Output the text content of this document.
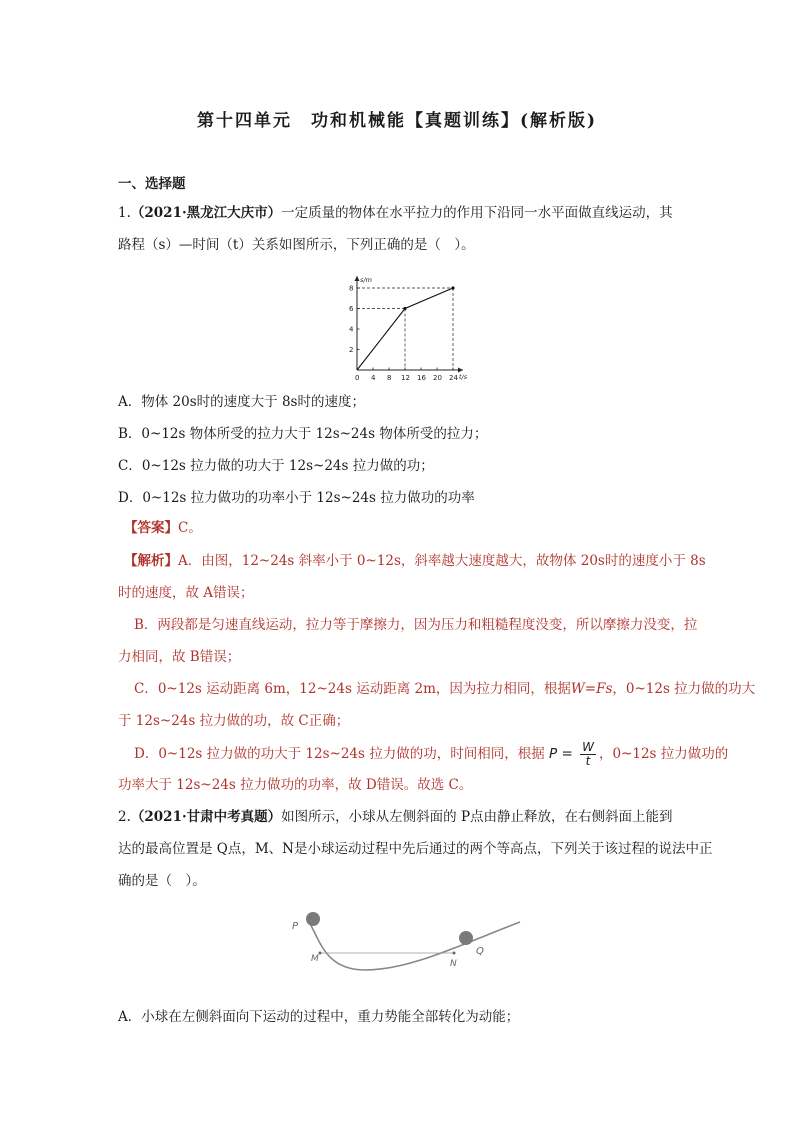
第十四单元　功和机械能【真题训练】(解析版)
一、选择题
1.（2021·黑龙江大庆市）一定质量的物体在水平拉力的作用下沿同一水平面做直线运动，其
路程（s）—时间（t）关系如图所示，下列正确的是（　）。
s/m
t/s
2
4
6
8
0 4 8 12 16 20 24
A．物体 20s时的速度大于 8s时的速度；
B．0~12s 物体所受的拉力大于 12s~24s 物体所受的拉力；
C．0~12s 拉力做的功大于 12s~24s 拉力做的功；
D．0~12s 拉力做功的功率小于 12s~24s 拉力做功的功率
【答案】C。
【解析】A．由图，12~24s 斜率小于 0~12s，斜率越大速度越大，故物体 20s时的速度小于 8s
时的速度，故 A错误；
B．两段都是匀速直线运动，拉力等于摩擦力，因为压力和粗糙程度没变，所以摩擦力没变，拉
力相同，故 B错误；
C．0~12s 运动距离 6m，12~24s 运动距离 2m，因为拉力相同，根据W=Fs，0~12s 拉力做的功大
于 12s~24s 拉力做的功，故 C正确；
D．0~12s 拉力做的功大于 12s~24s 拉力做的功，时间相同，根据 $P = \frac{W}{t}$ ，0~12s 拉力做功的
功率大于 12s~24s 拉力做功的功率，故 D错误。故选 C。
2.（2021·甘肃中考真题）如图所示，小球从左侧斜面的 P点由静止释放，在右侧斜面上能到
达的最高位置是 Q点，M、N是小球运动过程中先后通过的两个等高点，下列关于该过程的说法中正
确的是（　）。
P
M	N
Q
A．小球在左侧斜面向下运动的过程中，重力势能全部转化为动能；
